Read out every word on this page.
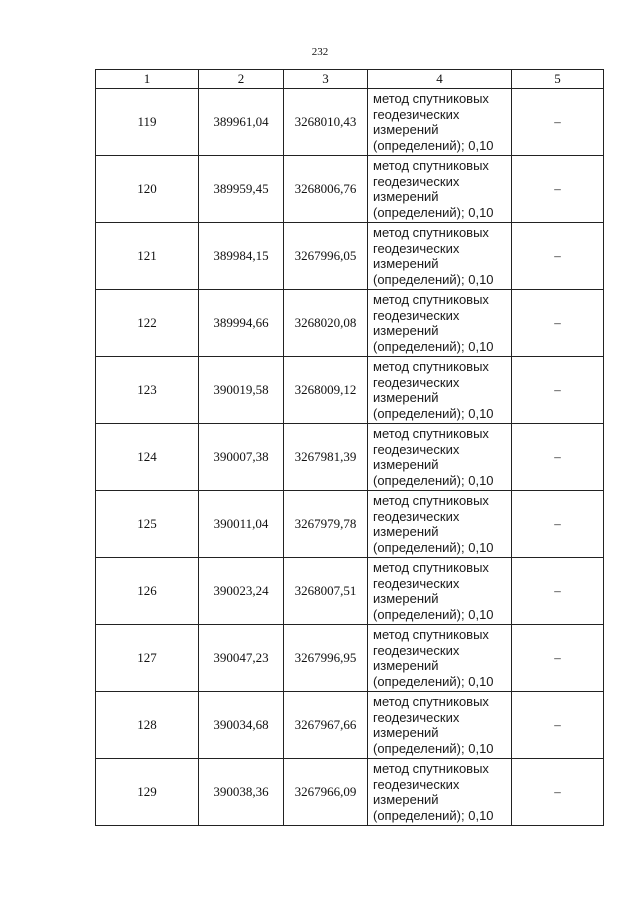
232
1	2	3	4	5
119	389961,04	3268010,43	метод спутниковых
геодезических
измерений
(определений); 0,10	–
120	389959,45	3268006,76	метод спутниковых
геодезических
измерений
(определений); 0,10	–
121	389984,15	3267996,05	метод спутниковых
геодезических
измерений
(определений); 0,10	–
122	389994,66	3268020,08	метод спутниковых
геодезических
измерений
(определений); 0,10	–
123	390019,58	3268009,12	метод спутниковых
геодезических
измерений
(определений); 0,10	–
124	390007,38	3267981,39	метод спутниковых
геодезических
измерений
(определений); 0,10	–
125	390011,04	3267979,78	метод спутниковых
геодезических
измерений
(определений); 0,10	–
126	390023,24	3268007,51	метод спутниковых
геодезических
измерений
(определений); 0,10	–
127	390047,23	3267996,95	метод спутниковых
геодезических
измерений
(определений); 0,10	–
128	390034,68	3267967,66	метод спутниковых
геодезических
измерений
(определений); 0,10	–
129	390038,36	3267966,09	метод спутниковых
геодезических
измерений
(определений); 0,10	–
